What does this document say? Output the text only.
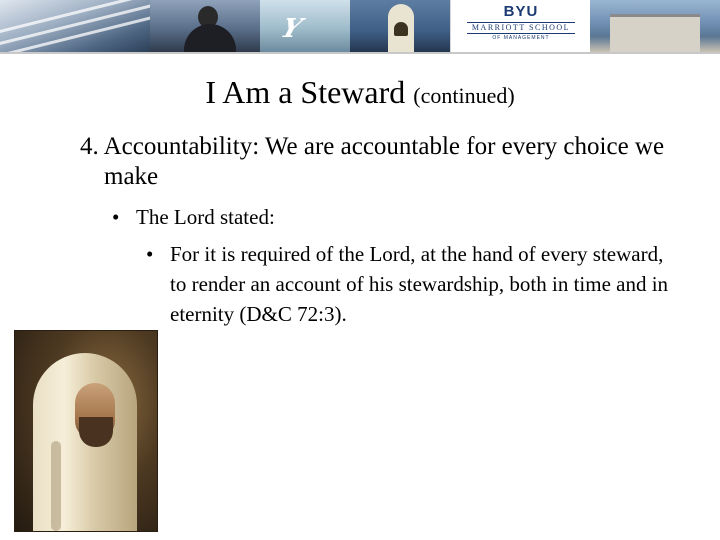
Y
BYU
MARRIOTT SCHOOL
OF MANAGEMENT
I Am a Steward (continued)
4. Accountability: We are accountable for every choice we make
• The Lord stated:
• For it is required of the Lord, at the hand of every steward, to render an account of his stewardship, both in time and in eternity (D&C 72:3).
